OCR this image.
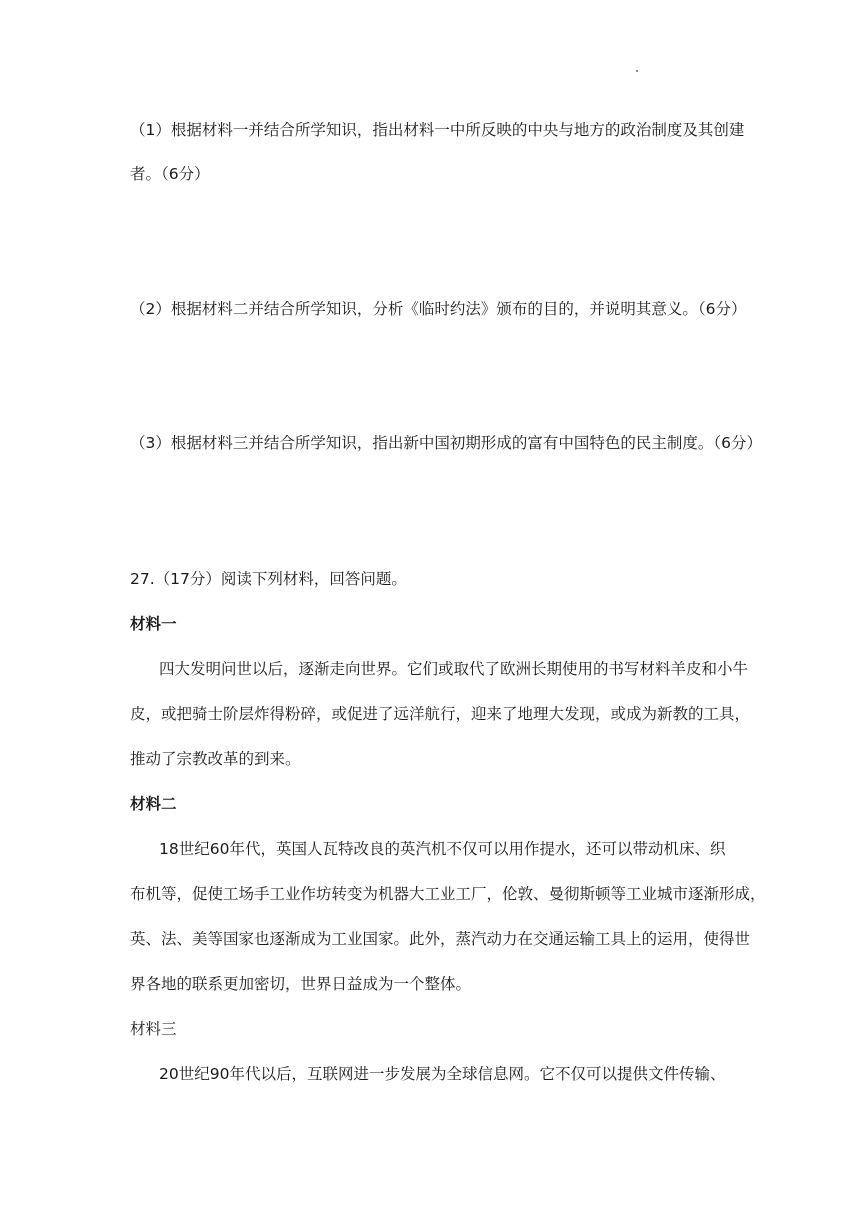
（1）根据材料一并结合所学知识，指出材料一中所反映的中央与地方的政治制度及其创建
者。（6分）
（2）根据材料二并结合所学知识，分析《临时约法》颁布的目的，并说明其意义。（6分）
（3）根据材料三并结合所学知识，指出新中国初期形成的富有中国特色的民主制度。（6分）
27.（17分）阅读下列材料，回答问题。
材料一
四大发明问世以后，逐渐走向世界。它们或取代了欧洲长期使用的书写材料羊皮和小牛
皮，或把骑士阶层炸得粉碎，或促进了远洋航行，迎来了地理大发现，或成为新教的工具，
推动了宗教改革的到来。
材料二
18世纪60年代，英国人瓦特改良的英汽机不仅可以用作提水，还可以带动机床、织
布机等，促使工场手工业作坊转变为机器大工业工厂，伦敦、曼彻斯顿等工业城市逐渐形成，
英、法、美等国家也逐渐成为工业国家。此外，蒸汽动力在交通运输工具上的运用，使得世
界各地的联系更加密切，世界日益成为一个整体。
材料三
20世纪90年代以后，互联网进一步发展为全球信息网。它不仅可以提供文件传输、
